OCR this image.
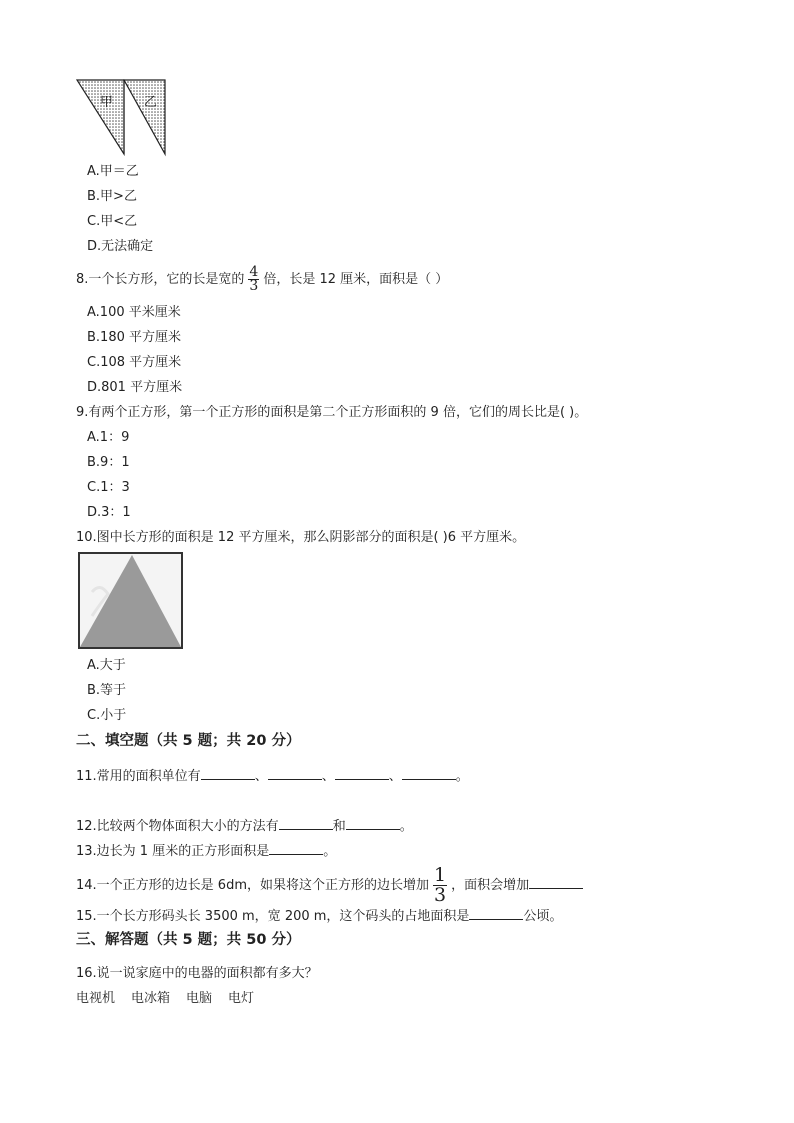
甲 乙
A.甲＝乙
B.甲>乙
C.甲<乙
D.无法确定
8.一个长方形，它的长是宽的 $\frac{4}{3}$ 倍，长是 12 厘米，面积是（ ）
A.100 平米厘米
B.180 平方厘米
C.108 平方厘米
D.801 平方厘米
9.有两个正方形，第一个正方形的面积是第二个正方形面积的 9 倍，它们的周长比是( )。
A.1：9
B.9：1
C.1：3
D.3：1
10.图中长方形的面积是 12 平方厘米，那么阴影部分的面积是( )6 平方厘米。
A.大于
B.等于
C.小于
二、填空题（共 5 题；共 20 分）
11.常用的面积单位有	、	、	、	。
12.比较两个物体面积大小的方法有	和	。
13.边长为 1 厘米的正方形面积是	。
14.一个正方形的边长是 6dm，如果将这个正方形的边长增加 $\frac{1}{3}$ ，面积会增加
15.一个长方形码头长 3500 m，宽 200 m，这个码头的占地面积是	公顷。
三、解答题（共 5 题；共 50 分）
16.说一说家庭中的电器的面积都有多大？
电视机 电冰箱 电脑 电灯
